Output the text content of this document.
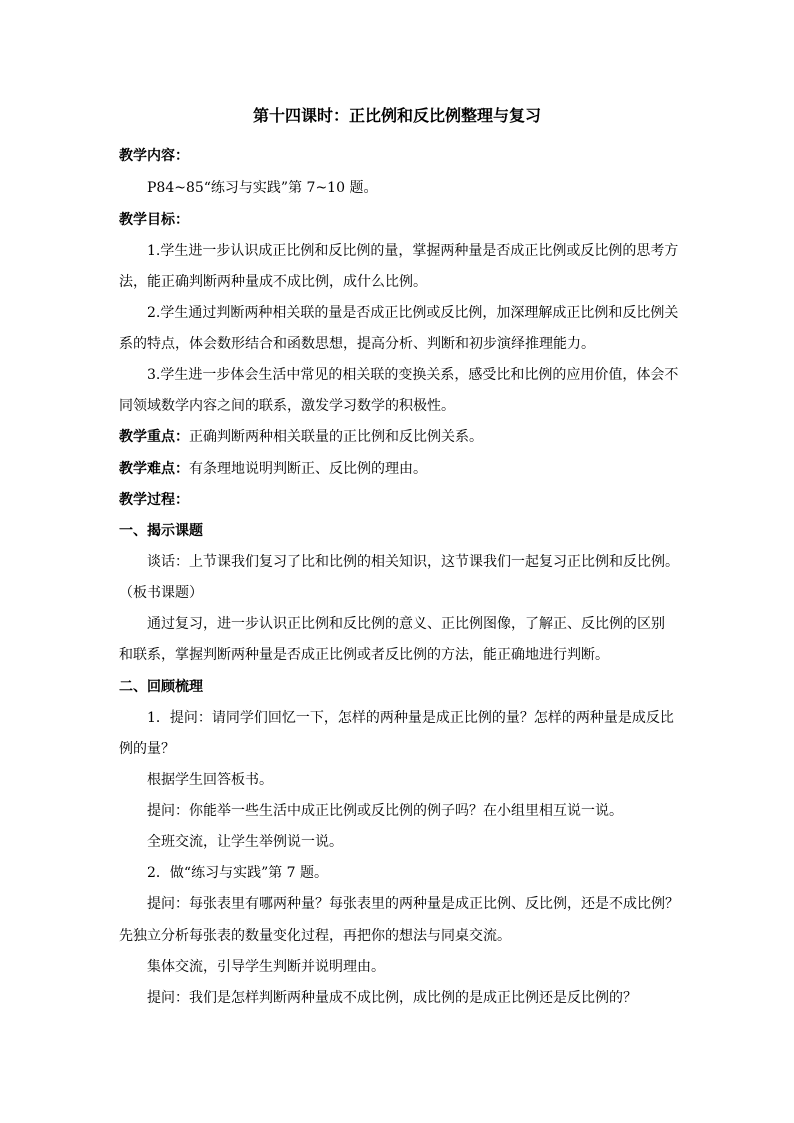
第十四课时：正比例和反比例整理与复习
教学内容：
P84~85“练习与实践”第 7~10 题。
教学目标：
1.学生进一步认识成正比例和反比例的量，掌握两种量是否成正比例或反比例的思考方
法，能正确判断两种量成不成比例，成什么比例。
2.学生通过判断两种相关联的量是否成正比例或反比例，加深理解成正比例和反比例关
系的特点，体会数形结合和函数思想，提高分析、判断和初步演绎推理能力。
3.学生进一步体会生活中常见的相关联的变换关系，感受比和比例的应用价值，体会不
同领域数学内容之间的联系，激发学习数学的积极性。
教学重点：正确判断两种相关联量的正比例和反比例关系。
教学难点：有条理地说明判断正、反比例的理由。
教学过程：
一、揭示课题
谈话：上节课我们复习了比和比例的相关知识，这节课我们一起复习正比例和反比例。
（板书课题）
通过复习，进一步认识正比例和反比例的意义、正比例图像，了解正、反比例的区别
和联系，掌握判断两种量是否成正比例或者反比例的方法，能正确地进行判断。
二、回顾梳理
1．提问：请同学们回忆一下，怎样的两种量是成正比例的量？怎样的两种量是成反比
例的量？
根据学生回答板书。
提问：你能举一些生活中成正比例或反比例的例子吗？在小组里相互说一说。
全班交流，让学生举例说一说。
2．做“练习与实践”第 7 题。
提问：每张表里有哪两种量？每张表里的两种量是成正比例、反比例，还是不成比例？
先独立分析每张表的数量变化过程，再把你的想法与同桌交流。
集体交流，引导学生判断并说明理由。
提问：我们是怎样判断两种量成不成比例，成比例的是成正比例还是反比例的？
